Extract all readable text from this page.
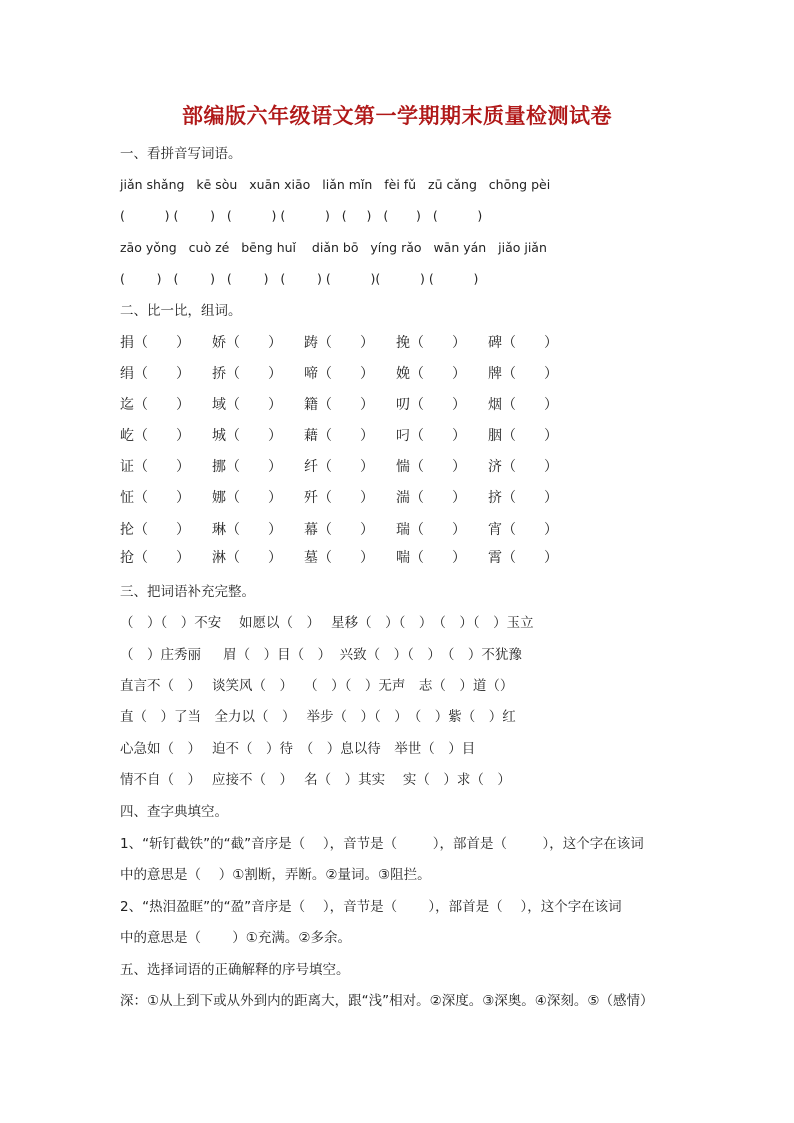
部编版六年级语文第一学期期末质量检测试卷
一、看拼音写词语。
jiǎn shǎng   kē sòu   xuān xiāo   liǎn mǐn   fèi fǔ   zū cǎng   chōng pèi
(          ) (        )   (          ) (          )   (     )   (       )   (          )
zāo yǒng   cuò zé   bēng huǐ    diǎn bō   yíng rǎo   wān yán   jiǎo jiǎn
(        )   (        )   (        )   (        ) (          )(          ) (          )
二、比一比，组词。
捐（　　） 娇（　　） 踌（　　） 挽（　　） 碑（　　）
绢（　　） 挢（　　） 啼（　　） 娩（　　） 牌（　　）
迄（　　） 域（　　） 籍（　　） 叨（　　） 烟（　　）
屹（　　） 城（　　） 藉（　　） 叼（　　） 胭（　　）
证（　　） 挪（　　） 纤（　　） 惴（　　） 济（　　）
怔（　　） 娜（　　） 歼（　　） 湍（　　） 挤（　　）
抡（　　） 琳（　　） 幕（　　） 瑞（　　） 宵（　　）
抢（　　） 淋（　　） 墓（　　） 喘（　　） 霄（　　）
三、把词语补充完整。
（　）（　）不安　 如愿以（　）　 星移（　）（　）　（　）（　）玉立
（　）庄秀丽　  眉（　）目（　）  兴致（　）（　）　（　）不犹豫
直言不（　）　 谈笑风（　）　 （　）（　）无声　志（　）道（）
直（　）了当　全力以（　）　 举步（　）（　）　（　）紫（　）红
心急如（　）　 迫不（　）待　（　）息以待　举世（　）目
情不自（　）　 应接不（　）　 名（　）其实　 实（　）求（　）
四、查字典填空。
1、“斩钉截铁”的“截”音序是（　 ），音节是（　　  ），部首是（　　  ），这个字在该词
中的意思是（　 ）①割断，弄断。②量词。③阻拦。
2、“热泪盈眶”的“盈”音序是（　 ），音节是（　　 ），部首是（　 ），这个字在该词
中的意思是（　　 ）①充满。②多余。
五、选择词语的正确解释的序号填空。
深：①从上到下或从外到内的距离大，跟“浅”相对。②深度。③深奥。④深刻。⑤（感情）
